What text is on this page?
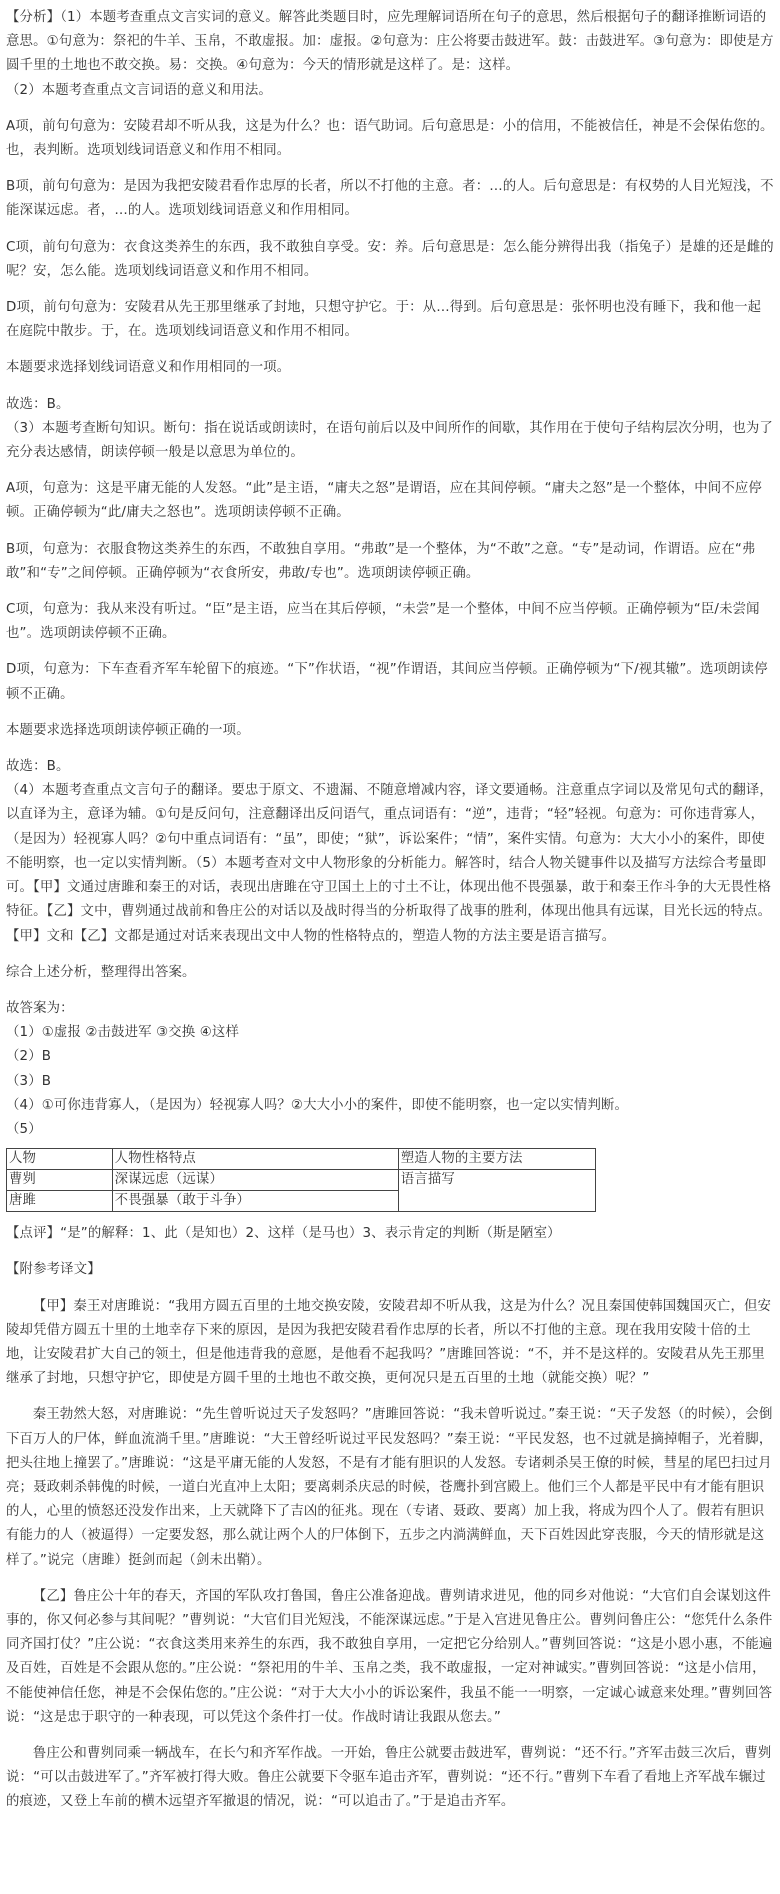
【分析】（1）本题考查重点文言实词的意义。解答此类题目时，应先理解词语所在句子的意思，然后根据句子的翻译推断词语的意思。①句意为：祭祀的牛羊、玉帛，不敢虚报。加：虚报。②句意为：庄公将要击鼓进军。鼓：击鼓进军。③句意为：即使是方圆千里的土地也不敢交换。易：交换。④句意为：今天的情形就是这样了。是：这样。

（2）本题考查重点文言词语的意义和用法。

A项，前句句意为：安陵君却不听从我，这是为什么？也：语气助词。后句意思是：小的信用，不能被信任，神是不会保佑您的。也，表判断。选项划线词语意义和作用不相同。

B项，前句句意为：是因为我把安陵君看作忠厚的长者，所以不打他的主意。者：…的人。后句意思是：有权势的人目光短浅，不能深谋远虑。者，…的人。选项划线词语意义和作用相同。

C项，前句句意为：衣食这类养生的东西，我不敢独自享受。安：养。后句意思是：怎么能分辨得出我（指兔子）是雄的还是雌的呢？安，怎么能。选项划线词语意义和作用不相同。

D项，前句句意为：安陵君从先王那里继承了封地，只想守护它。于：从…得到。后句意思是：张怀明也没有睡下，我和他一起在庭院中散步。于，在。选项划线词语意义和作用不相同。

本题要求选择划线词语意义和作用相同的一项。

故选：B。

（3）本题考查断句知识。断句：指在说话或朗读时，在语句前后以及中间所作的间歇，其作用在于使句子结构层次分明，也为了充分表达感情，朗读停顿一般是以意思为单位的。

A项，句意为：这是平庸无能的人发怒。“此”是主语，“庸夫之怒”是谓语，应在其间停顿。“庸夫之怒”是一个整体，中间不应停顿。正确停顿为“此/庸夫之怒也”。选项朗读停顿不正确。

B项，句意为：衣服食物这类养生的东西，不敢独自享用。“弗敢”是一个整体，为“不敢”之意。“专”是动词，作谓语。应在“弗敢”和“专”之间停顿。正确停顿为“衣食所安，弗敢/专也”。选项朗读停顿正确。

C项，句意为：我从来没有听过。“臣”是主语，应当在其后停顿，“未尝”是一个整体，中间不应当停顿。正确停顿为“臣/未尝闻也”。选项朗读停顿不正确。

D项，句意为：下车查看齐军车轮留下的痕迹。“下”作状语，“视”作谓语，其间应当停顿。正确停顿为“下/视其辙”。选项朗读停顿不正确。

本题要求选择选项朗读停顿正确的一项。

故选：B。

（4）本题考查重点文言句子的翻译。要忠于原文、不遗漏、不随意增减内容，译文要通畅。注意重点字词以及常见句式的翻译，以直译为主，意译为辅。①句是反问句，注意翻译出反问语气，重点词语有：“逆”，违背；“轻”轻视。句意为：可你违背寡人，（是因为）轻视寡人吗？②句中重点词语有：“虽”，即使；“狱”，诉讼案件；“情”，案件实情。句意为：大大小小的案件，即使不能明察，也一定以实情判断。（5）本题考查对文中人物形象的分析能力。解答时，结合人物关键事件以及描写方法综合考量即可。【甲】文通过唐雎和秦王的对话，表现出唐雎在守卫国土上的寸土不让，体现出他不畏强暴，敢于和秦王作斗争的大无畏性格特征。【乙】文中，曹刿通过战前和鲁庄公的对话以及战时得当的分析取得了战事的胜利，体现出他具有远谋，目光长远的特点。【甲】文和【乙】文都是通过对话来表现出文中人物的性格特点的，塑造人物的方法主要是语言描写。

综合上述分析，整理得出答案。

故答案为：

（1）①虚报 ②击鼓进军 ③交换 ④这样

（2）B

（3）B

（4）①可你违背寡人，（是因为）轻视寡人吗？②大大小小的案件，即使不能明察，也一定以实情判断。

（5）

人物	人物性格特点	塑造人物的主要方法
曹刿	深谋远虑（远谋）	语言描写
唐雎	不畏强暴（敢于斗争）	

【点评】“是”的解释：1、此（是知也）2、这样（是马也）3、表示肯定的判断（斯是陋室）

【附参考译文】

【甲】秦王对唐雎说：“我用方圆五百里的土地交换安陵，安陵君却不听从我，这是为什么？况且秦国使韩国魏国灭亡，但安陵却凭借方圆五十里的土地幸存下来的原因，是因为我把安陵君看作忠厚的长者，所以不打他的主意。现在我用安陵十倍的土地，让安陵君扩大自己的领土，但是他违背我的意愿，是他看不起我吗？”唐雎回答说：“不，并不是这样的。安陵君从先王那里继承了封地，只想守护它，即使是方圆千里的土地也不敢交换，更何况只是五百里的土地（就能交换）呢？”

秦王勃然大怒，对唐雎说：“先生曾听说过天子发怒吗？”唐雎回答说：“我未曾听说过。”秦王说：“天子发怒（的时候），会倒下百万人的尸体，鲜血流淌千里。”唐雎说：“大王曾经听说过平民发怒吗？”秦王说：“平民发怒，也不过就是摘掉帽子，光着脚，把头往地上撞罢了。”唐雎说：“这是平庸无能的人发怒，不是有才能有胆识的人发怒。专诸刺杀吴王僚的时候，彗星的尾巴扫过月亮；聂政刺杀韩傀的时候，一道白光直冲上太阳；要离刺杀庆忌的时候，苍鹰扑到宫殿上。他们三个人都是平民中有才能有胆识的人，心里的愤怒还没发作出来，上天就降下了吉凶的征兆。现在（专诸、聂政、要离）加上我，将成为四个人了。假若有胆识有能力的人（被逼得）一定要发怒，那么就让两个人的尸体倒下，五步之内淌满鲜血，天下百姓因此穿丧服，今天的情形就是这样了。”说完（唐雎）挺剑而起（剑未出鞘）。

【乙】鲁庄公十年的春天，齐国的军队攻打鲁国，鲁庄公准备迎战。曹刿请求进见，他的同乡对他说：“大官们自会谋划这件事的，你又何必参与其间呢？”曹刿说：“大官们目光短浅，不能深谋远虑。”于是入宫进见鲁庄公。曹刿问鲁庄公：“您凭什么条件同齐国打仗？”庄公说：“衣食这类用来养生的东西，我不敢独自享用，一定把它分给别人。”曹刿回答说：“这是小恩小惠，不能遍及百姓，百姓是不会跟从您的。”庄公说：“祭祀用的牛羊、玉帛之类，我不敢虚报，一定对神诚实。”曹刿回答说：“这是小信用，不能使神信任您，神是不会保佑您的。”庄公说：“对于大大小小的诉讼案件，我虽不能一一明察，一定诚心诚意来处理。”曹刿回答说：“这是忠于职守的一种表现，可以凭这个条件打一仗。作战时请让我跟从您去。”

鲁庄公和曹刿同乘一辆战车，在长勺和齐军作战。一开始，鲁庄公就要击鼓进军，曹刿说：“还不行。”齐军击鼓三次后，曹刿说：“可以击鼓进军了。”齐军被打得大败。鲁庄公就要下令驱车追击齐军，曹刿说：“还不行。”曹刿下车看了看地上齐军战车辗过的痕迹，又登上车前的横木远望齐军撤退的情况，说：“可以追击了。”于是追击齐军。
